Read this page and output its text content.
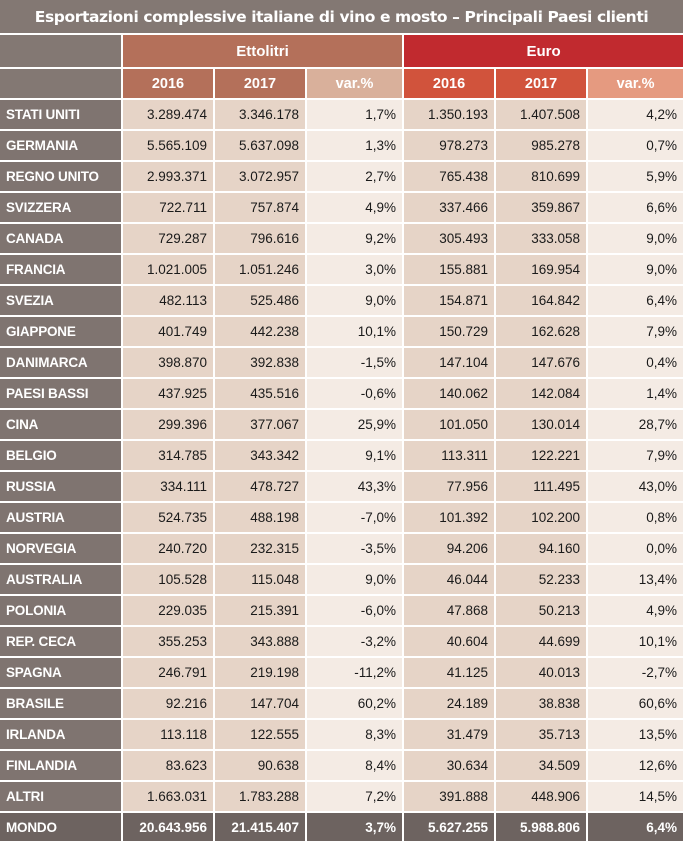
Esportazioni complessive italiane di vino e mosto – Principali Paesi clienti
	Ettolitri			Euro		
	2016	2017	var.%	2016	2017	var.%
STATI UNITI	3.289.474	3.346.178	1,7%	1.350.193	1.407.508	4,2%
GERMANIA	5.565.109	5.637.098	1,3%	978.273	985.278	0,7%
REGNO UNITO	2.993.371	3.072.957	2,7%	765.438	810.699	5,9%
SVIZZERA	722.711	757.874	4,9%	337.466	359.867	6,6%
CANADA	729.287	796.616	9,2%	305.493	333.058	9,0%
FRANCIA	1.021.005	1.051.246	3,0%	155.881	169.954	9,0%
SVEZIA	482.113	525.486	9,0%	154.871	164.842	6,4%
GIAPPONE	401.749	442.238	10,1%	150.729	162.628	7,9%
DANIMARCA	398.870	392.838	-1,5%	147.104	147.676	0,4%
PAESI BASSI	437.925	435.516	-0,6%	140.062	142.084	1,4%
CINA	299.396	377.067	25,9%	101.050	130.014	28,7%
BELGIO	314.785	343.342	9,1%	113.311	122.221	7,9%
RUSSIA	334.111	478.727	43,3%	77.956	111.495	43,0%
AUSTRIA	524.735	488.198	-7,0%	101.392	102.200	0,8%
NORVEGIA	240.720	232.315	-3,5%	94.206	94.160	0,0%
AUSTRALIA	105.528	115.048	9,0%	46.044	52.233	13,4%
POLONIA	229.035	215.391	-6,0%	47.868	50.213	4,9%
REP. CECA	355.253	343.888	-3,2%	40.604	44.699	10,1%
SPAGNA	246.791	219.198	-11,2%	41.125	40.013	-2,7%
BRASILE	92.216	147.704	60,2%	24.189	38.838	60,6%
IRLANDA	113.118	122.555	8,3%	31.479	35.713	13,5%
FINLANDIA	83.623	90.638	8,4%	30.634	34.509	12,6%
ALTRI	1.663.031	1.783.288	7,2%	391.888	448.906	14,5%
MONDO	20.643.956	21.415.407	3,7%	5.627.255	5.988.806	6,4%
